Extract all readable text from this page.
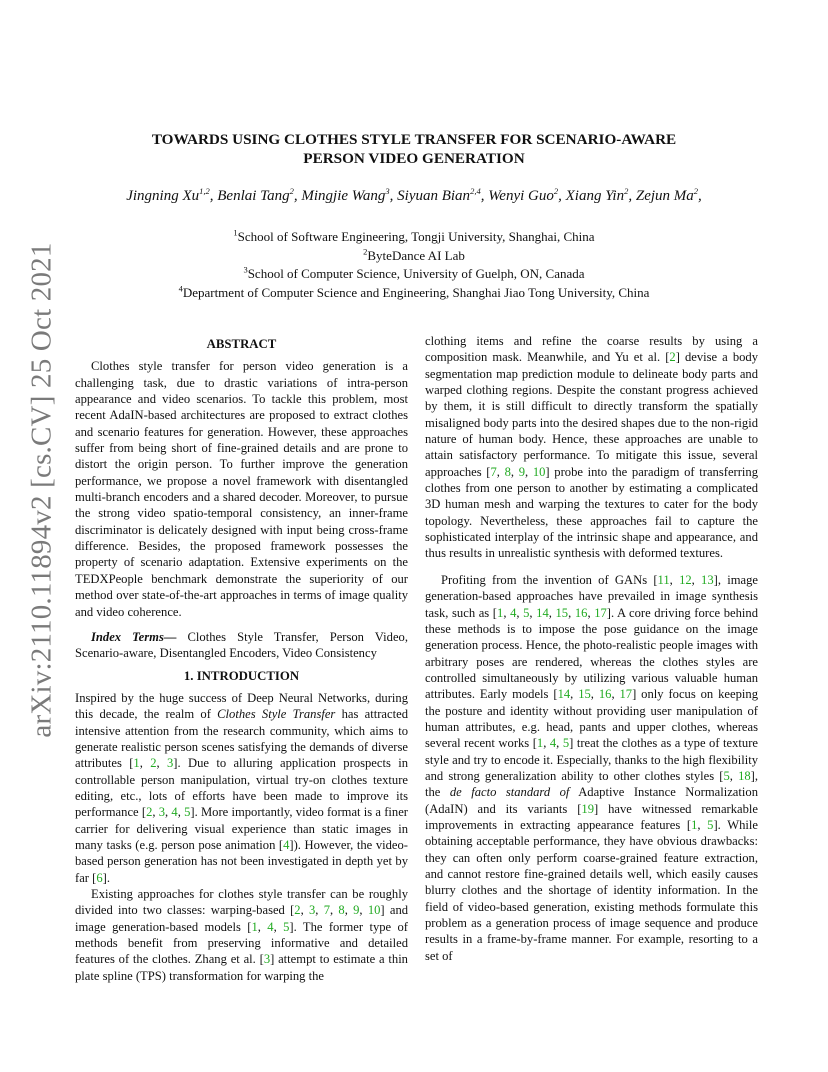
arXiv:2110.11894v2 [cs.CV] 25 Oct 2021
TOWARDS USING CLOTHES STYLE TRANSFER FOR SCENARIO-AWARE
PERSON VIDEO GENERATION
Jingning Xu$^{1,2}$, Benlai Tang$^2$, Mingjie Wang$^3$, Siyuan Bian$^{2,4}$, Wenyi Guo$^2$, Xiang Yin$^2$, Zejun Ma$^2$,
$^1$School of Software Engineering, Tongji University, Shanghai, China
$^2$ByteDance AI Lab
$^3$School of Computer Science, University of Guelph, ON, Canada
$^4$Department of Computer Science and Engineering, Shanghai Jiao Tong University, China
ABSTRACT

Clothes style transfer for person video generation is a challenging task, due to drastic variations of intra-person appearance and video scenarios. To tackle this problem, most recent AdaIN-based architectures are proposed to extract clothes and scenario features for generation. However, these approaches suffer from being short of fine-grained details and are prone to distort the origin person. To further improve the generation performance, we propose a novel framework with disentangled multi-branch encoders and a shared decoder. Moreover, to pursue the strong video spatio-temporal consistency, an inner-frame discriminator is delicately designed with input being cross-frame difference. Besides, the proposed framework possesses the property of scenario adaptation. Extensive experiments on the TEDXPeople benchmark demonstrate the superiority of our method over state-of-the-art approaches in terms of image quality and video coherence.

Index Terms— Clothes Style Transfer, Person Video, Scenario-aware, Disentangled Encoders, Video Consistency

1. INTRODUCTION

Inspired by the huge success of Deep Neural Networks, during this decade, the realm of Clothes Style Transfer has attracted intensive attention from the research community, which aims to generate realistic person scenes satisfying the demands of diverse attributes [1, 2, 3]. Due to alluring application prospects in controllable person manipulation, virtual try-on clothes texture editing, etc., lots of efforts have been made to improve its performance [2, 3, 4, 5]. More importantly, video format is a finer carrier for delivering visual experience than static images in many tasks (e.g. person pose animation [4]). However, the video-based person generation has not been investigated in depth yet by far [6].

Existing approaches for clothes style transfer can be roughly divided into two classes: warping-based [2, 3, 7, 8, 9, 10] and image generation-based models [1, 4, 5]. The former type of methods benefit from preserving informative and detailed features of the clothes. Zhang et al. [3] attempt to estimate a thin plate spline (TPS) transformation for warping the

clothing items and refine the coarse results by using a composition mask. Meanwhile, and Yu et al. [2] devise a body segmentation map prediction module to delineate body parts and warped clothing regions. Despite the constant progress achieved by them, it is still difficult to directly transform the spatially misaligned body parts into the desired shapes due to the non-rigid nature of human body. Hence, these approaches are unable to attain satisfactory performance. To mitigate this issue, several approaches [7, 8, 9, 10] probe into the paradigm of transferring clothes from one person to another by estimating a complicated 3D human mesh and warping the textures to cater for the body topology. Nevertheless, these approaches fail to capture the sophisticated interplay of the intrinsic shape and appearance, and thus results in unrealistic synthesis with deformed textures.

Profiting from the invention of GANs [11, 12, 13], image generation-based approaches have prevailed in image synthesis task, such as [1, 4, 5, 14, 15, 16, 17]. A core driving force behind these methods is to impose the pose guidance on the image generation process. Hence, the photo-realistic people images with arbitrary poses are rendered, whereas the clothes styles are controlled simultaneously by utilizing various valuable human attributes. Early models [14, 15, 16, 17] only focus on keeping the posture and identity without providing user manipulation of human attributes, e.g. head, pants and upper clothes, whereas several recent works [1, 4, 5] treat the clothes as a type of texture style and try to encode it. Especially, thanks to the high flexibility and strong generalization ability to other clothes styles [5, 18], the de facto standard of Adaptive Instance Normalization (AdaIN) and its variants [19] have witnessed remarkable improvements in extracting appearance features [1, 5]. While obtaining acceptable performance, they have obvious drawbacks: they can often only perform coarse-grained feature extraction, and cannot restore fine-grained details well, which easily causes blurry clothes and the shortage of identity information. In the field of video-based generation, existing methods formulate this problem as a generation process of image sequence and produce results in a frame-by-frame manner. For example, resorting to a set of
